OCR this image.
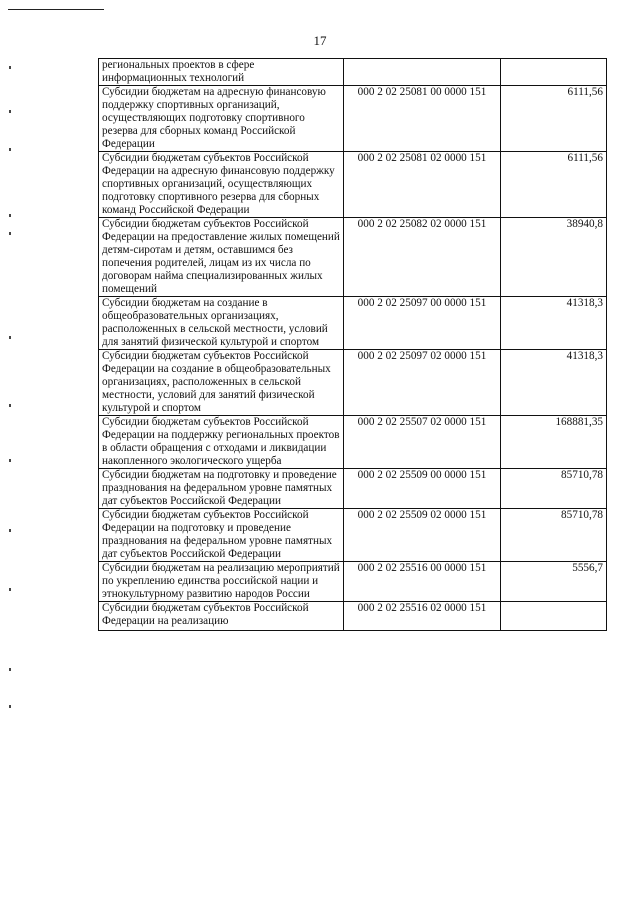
17
региональных проектов в сфере информационных технологий		
Субсидии бюджетам на адресную финансовую поддержку спортивных организаций, осуществляющих подготовку спортивного резерва для сборных команд Российской Федерации	000 2 02 25081 00 0000 151	6111,56
Субсидии бюджетам субъектов Российской Федерации на адресную финансовую поддержку спортивных организаций, осуществляющих подготовку спортивного резерва для сборных команд Российской Федерации	000 2 02 25081 02 0000 151	6111,56
Субсидии бюджетам субъектов Российской Федерации на предоставление жилых помещений детям-сиротам и детям, оставшимся без попечения родителей, лицам из их числа по договорам найма специализированных жилых помещений	000 2 02 25082 02 0000 151	38940,8
Субсидии бюджетам на создание в общеобразовательных организациях, расположенных в сельской местности, условий для занятий физической культурой и спортом	000 2 02 25097 00 0000 151	41318,3
Субсидии бюджетам субъектов Российской Федерации на создание в общеобразовательных организациях, расположенных в сельской местности, условий для занятий физической культурой и спортом	000 2 02 25097 02 0000 151	41318,3
Субсидии бюджетам субъектов Российской Федерации на поддержку региональных проектов в области обращения с отходами и ликвидации накопленного экологического ущерба	000 2 02 25507 02 0000 151	168881,35
Субсидии бюджетам на подготовку и проведение празднования на федеральном уровне памятных дат субъектов Российской Федерации	000 2 02 25509 00 0000 151	85710,78
Субсидии бюджетам субъектов Российской Федерации на подготовку и проведение празднования на федеральном уровне памятных дат субъектов Российской Федерации	000 2 02 25509 02 0000 151	85710,78
Субсидии бюджетам на реализацию мероприятий по укреплению единства российской нации и этнокультурному развитию народов России	000 2 02 25516 00 0000 151	5556,7
Субсидии бюджетам субъектов Российской Федерации на реализацию	000 2 02 25516 02 0000 151	
